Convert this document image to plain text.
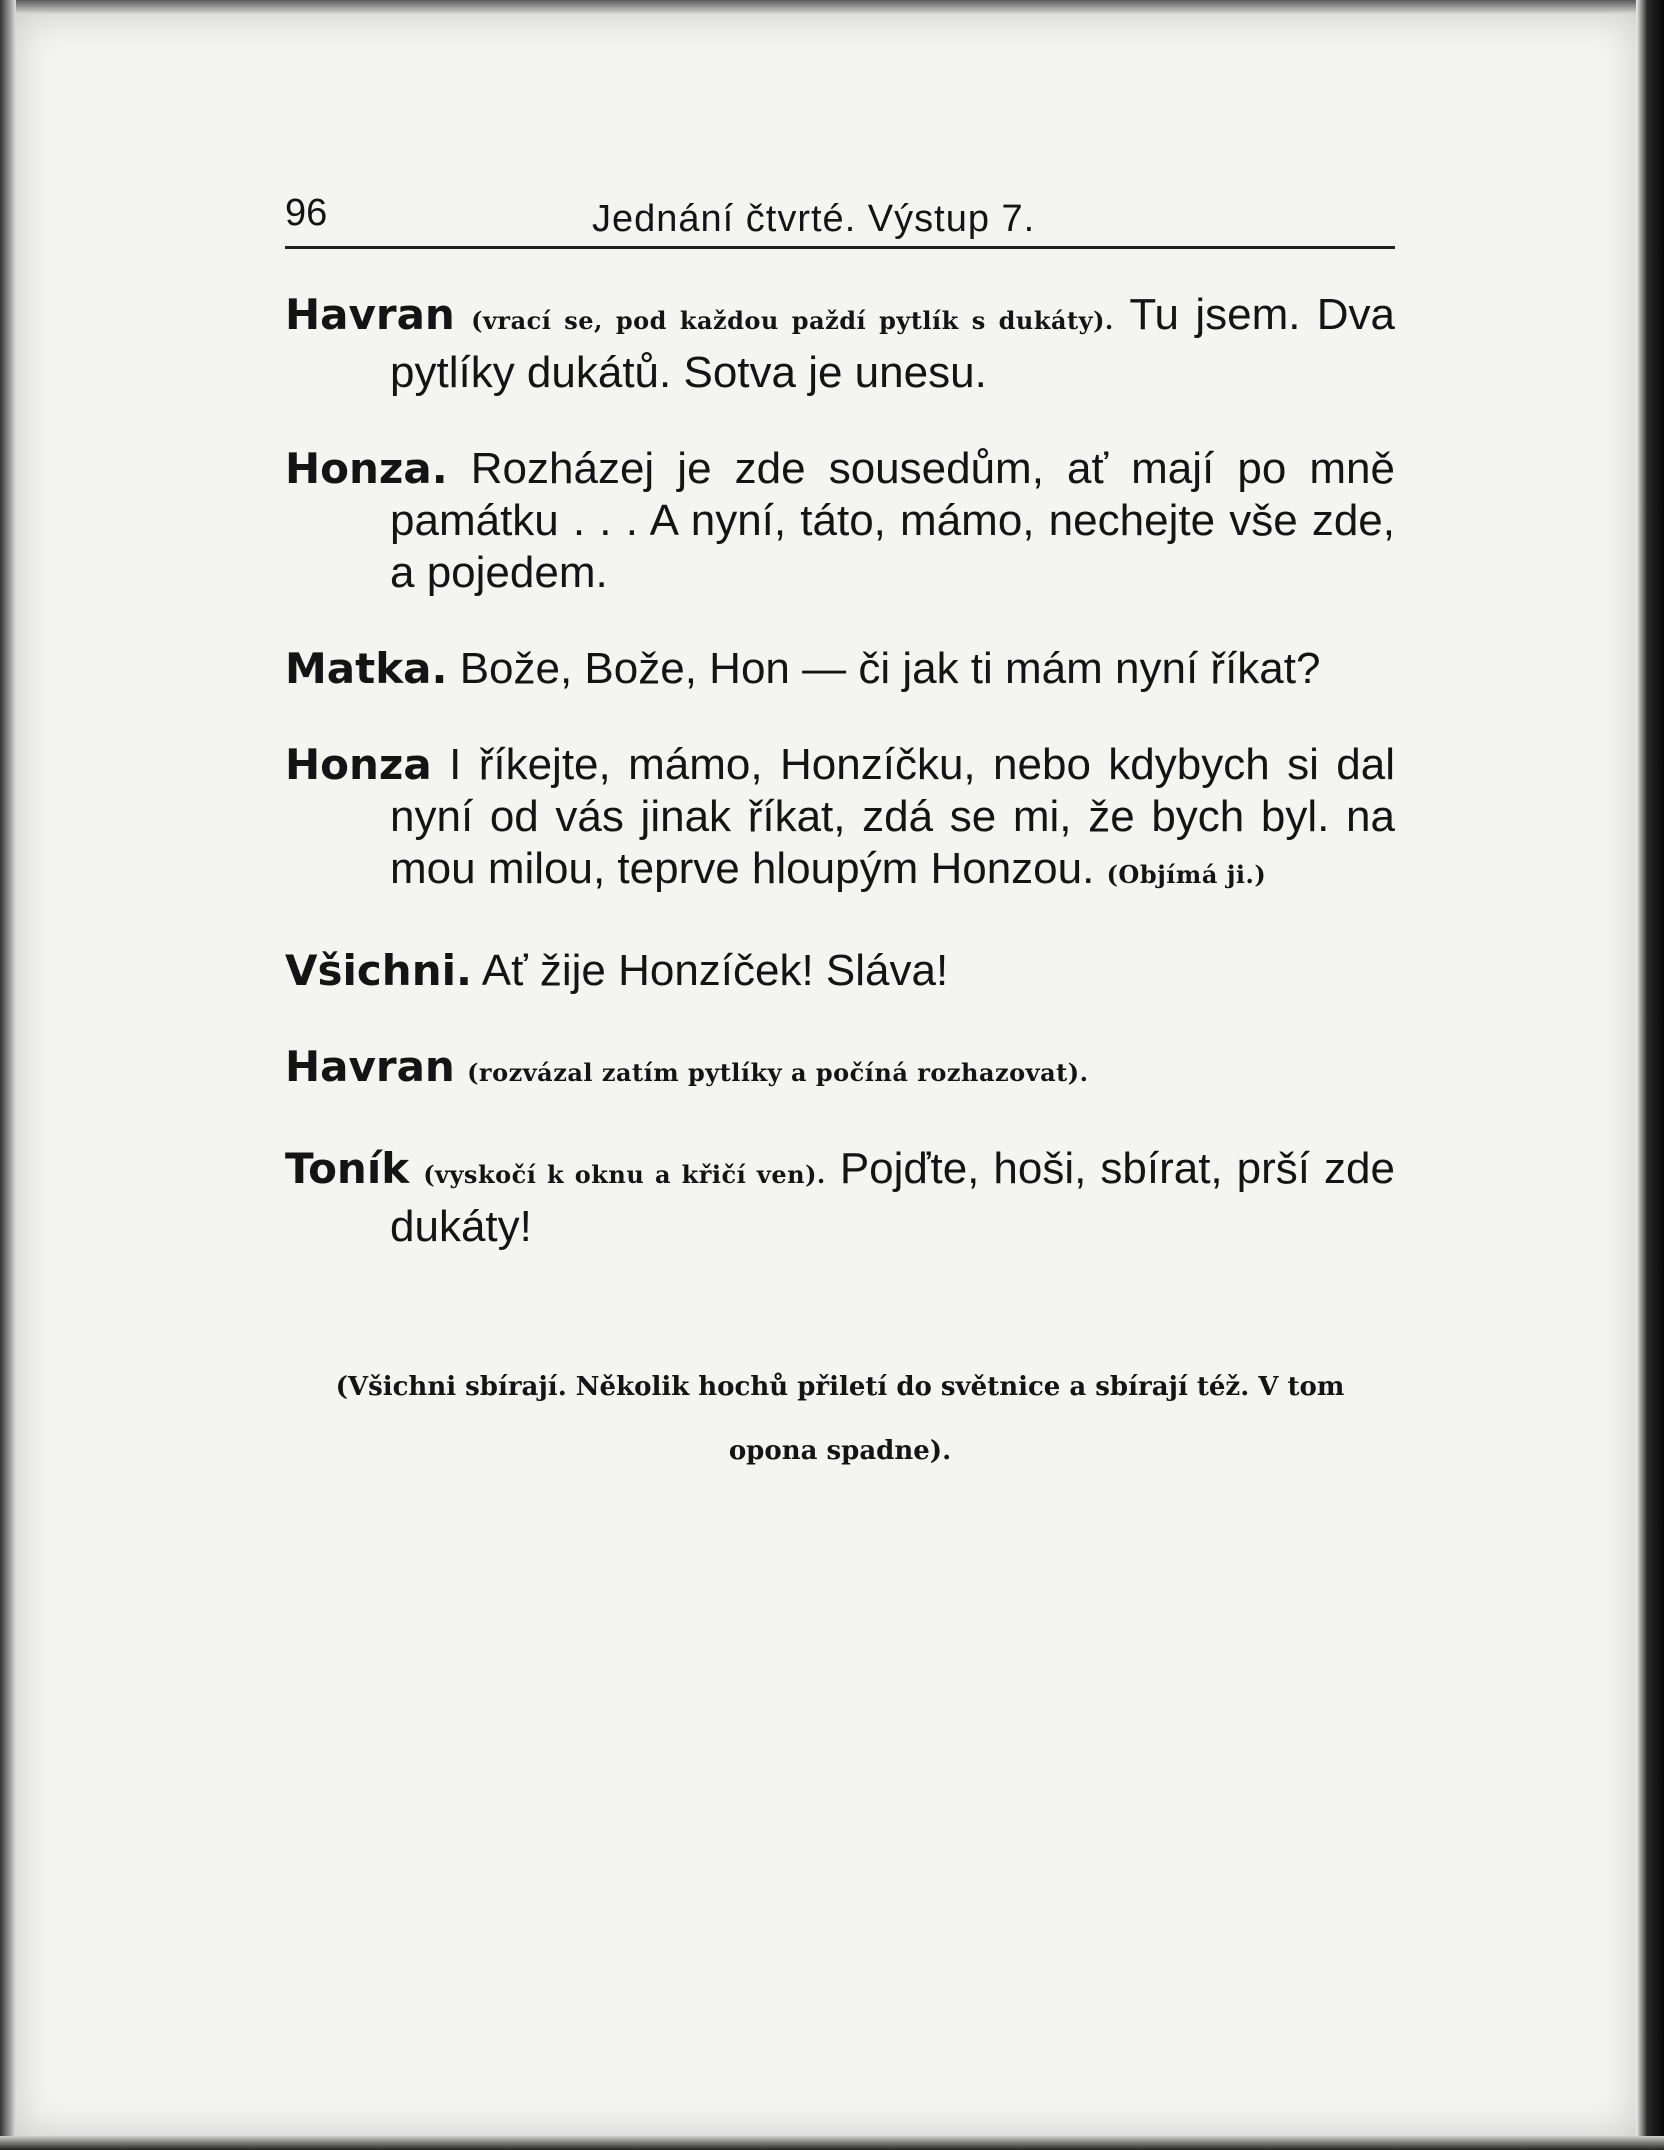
96	Jednání čtvrté. Výstup 7.

Havran (vrací se, pod každou paždí pytlík s dukáty). Tu jsem. Dva pytlíky dukátů. Sotva je unesu.

Honza. Rozházej je zde sousedům, ať mají po mně památku . . . A nyní, táto, mámo, nechejte vše zde, a pojedem.

Matka. Bože, Bože, Hon — či jak ti mám nyní říkat?

Honza I říkejte, mámo, Honzíčku, nebo kdybych si dal nyní od vás jinak říkat, zdá se mi, že bych byl. na mou milou, teprve hloupým Honzou. (Objímá ji.)

Všichni. Ať žije Honzíček! Sláva!

Havran (rozvázal zatím pytlíky a počíná rozhazovat).

Toník (vyskočí k oknu a křičí ven). Pojďte, hoši, sbírat, prší zde dukáty!

(Všichni sbírají. Několik hochů přiletí do světnice a sbírají též. V tom
opona spadne).
